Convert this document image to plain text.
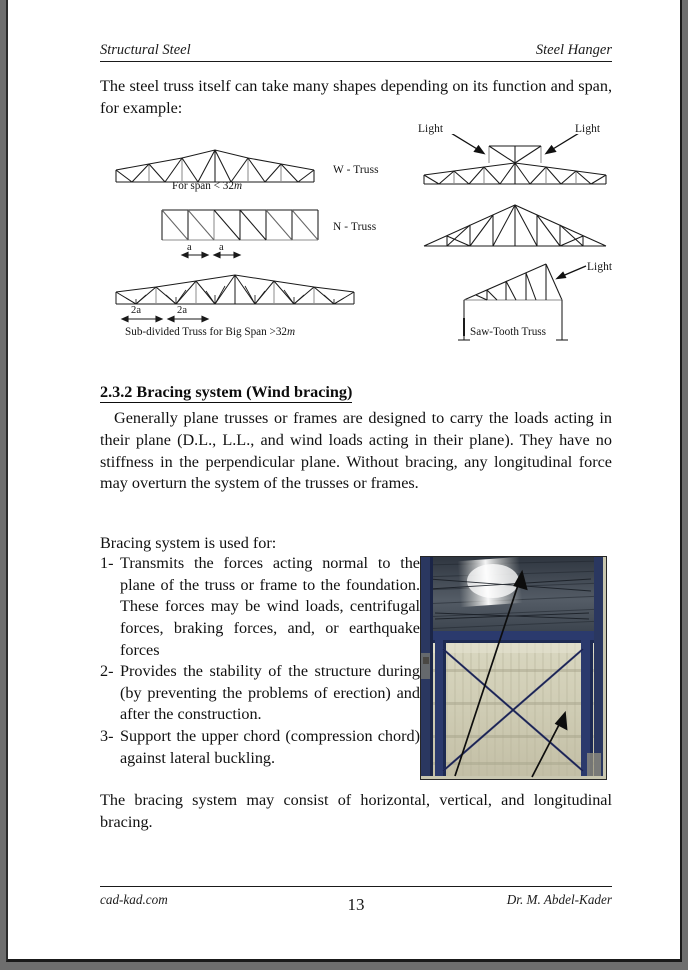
Structural Steel	Steel Hanger
The steel truss itself can take many shapes depending on its function and span, for example:
W - Truss
For span < 32m
a	a
N - Truss
2a	2a
Sub-divided Truss for Big Span >32m
Light	Light
Light
Saw-Tooth Truss
2.3.2 Bracing system (Wind bracing)
Generally plane trusses or frames are designed to carry the loads acting in their plane (D.L., L.L., and wind loads acting in their plane). They have no stiffness in the perpendicular plane. Without bracing, any longitudinal force may overturn the system of the trusses or frames.
Bracing system is used for:
1- Transmits the forces acting normal to the plane of the truss or frame to the foundation. These forces may be wind loads, centrifugal forces, braking forces, and, or earthquake forces
2- Provides the stability of the structure during (by preventing the problems of erection) and after the construction.
3- Support the upper chord (compression chord) against lateral buckling.
The bracing system may consist of horizontal, vertical, and longitudinal bracing.
cad-kad.com	Dr. M. Abdel-Kader
13
